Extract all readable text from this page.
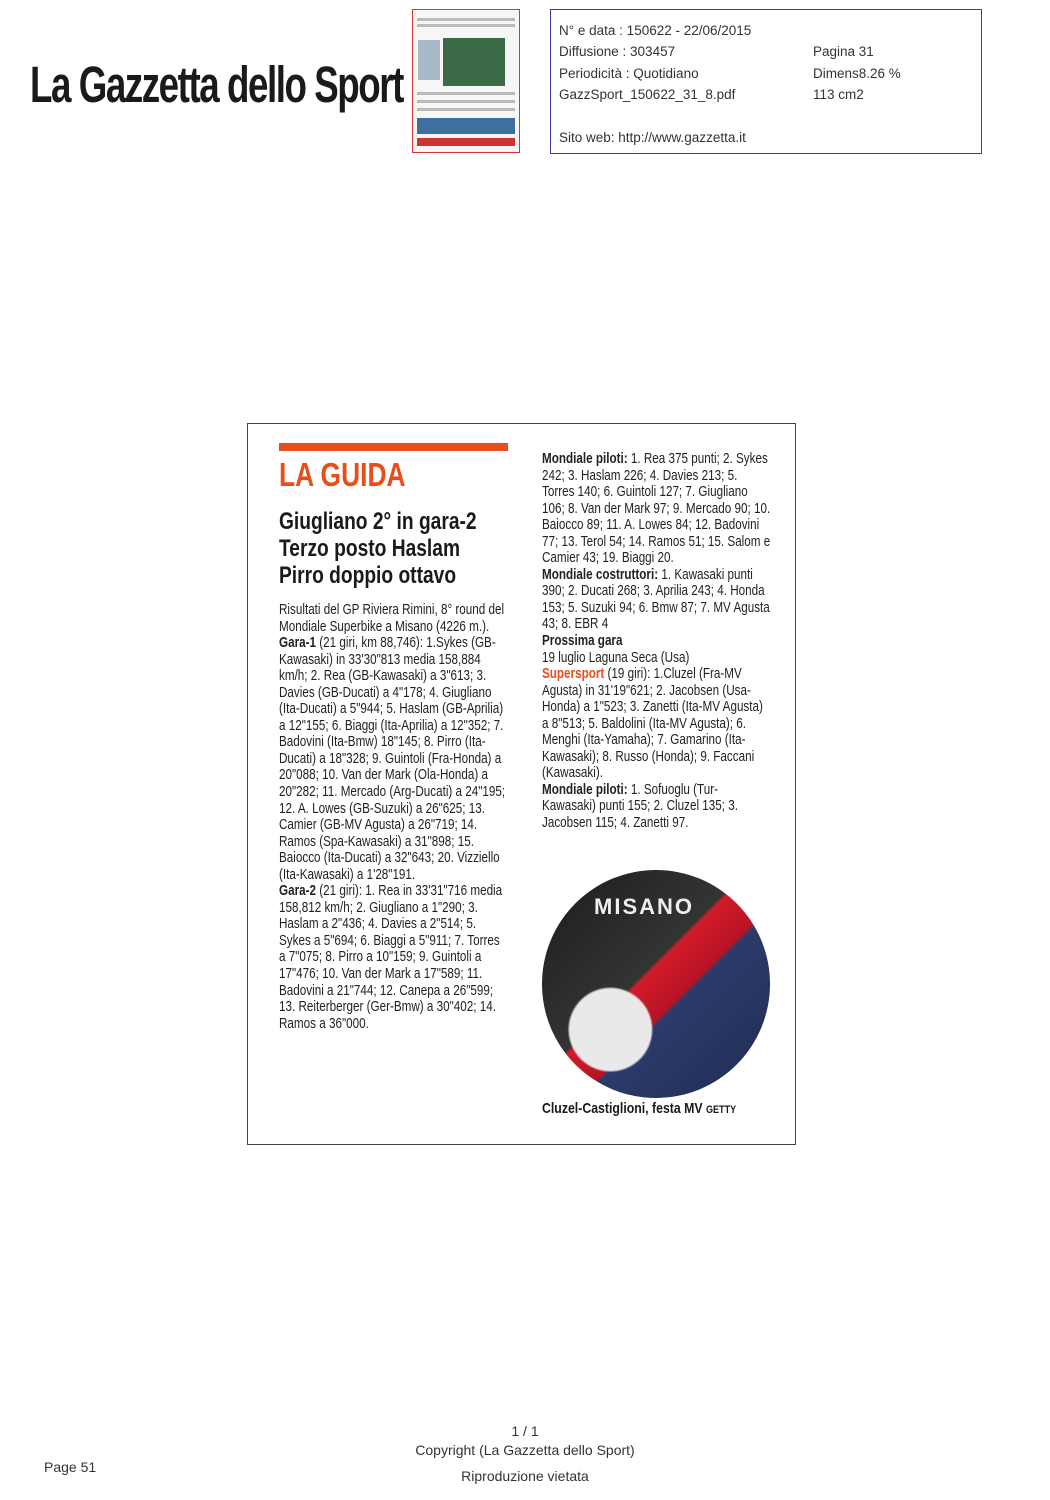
La Gazzetta dello Sport
N° e data : 150622 - 22/06/2015
Diffusione : 303457
Periodicità : Quotidiano
GazzSport_150622_31_8.pdf
Pagina 31
Dimens8.26 %
113 cm2
Sito web: http://www.gazzetta.it
LA GUIDA
Giugliano 2° in gara-2
Terzo posto Haslam
Pirro doppio ottavo

Risultati del GP Riviera Rimini, 8° round del Mondiale Superbike a Misano (4226 m.).

Gara-1 (21 giri, km 88,746): 1.Sykes (GB-Kawasaki) in 33'30"813 media 158,884 km/h; 2. Rea (GB-Kawasaki) a 3"613; 3. Davies (GB-Ducati) a 4"178; 4. Giugliano (Ita-Ducati) a 5"944; 5. Haslam (GB-Aprilia) a 12"155; 6. Biaggi (Ita-Aprilia) a 12"352; 7. Badovini (Ita-Bmw) 18"145; 8. Pirro (Ita-Ducati) a 18"328; 9. Guintoli (Fra-Honda) a 20"088; 10. Van der Mark (Ola-Honda) a 20"282; 11. Mercado (Arg-Ducati) a 24"195; 12. A. Lowes (GB-Suzuki) a 26"625; 13. Camier (GB-MV Agusta) a 26"719; 14. Ramos (Spa-Kawasaki) a 31"898; 15. Baiocco (Ita-Ducati) a 32"643; 20. Vizziello (Ita-Kawasaki) a 1'28"191.

Gara-2 (21 giri): 1. Rea in 33'31"716 media 158,812 km/h; 2. Giugliano a 1"290; 3. Haslam a 2"436; 4. Davies a 2"514; 5. Sykes a 5"694; 6. Biaggi a 5"911; 7. Torres a 7"075; 8. Pirro a 10"159; 9. Guintoli a 17"476; 10. Van der Mark a 17"589; 11. Badovini a 21"744; 12. Canepa a 26"599; 13. Reiterberger (Ger-Bmw) a 30"402; 14. Ramos a 36"000.

Mondiale piloti: 1. Rea 375 punti; 2. Sykes 242; 3. Haslam 226; 4. Davies 213; 5. Torres 140; 6. Guintoli 127; 7. Giugliano 106; 8. Van der Mark 97; 9. Mercado 90; 10. Baiocco 89; 11. A. Lowes 84; 12. Badovini 77; 13. Terol 54; 14. Ramos 51; 15. Salom e Camier 43; 19. Biaggi 20.

Mondiale costruttori: 1. Kawasaki punti 390; 2. Ducati 268; 3. Aprilia 243; 4. Honda 153; 5. Suzuki 94; 6. Bmw 87; 7. MV Agusta 43; 8. EBR 4

Prossima gara

19 luglio Laguna Seca (Usa)

Supersport (19 giri): 1.Cluzel (Fra-MV Agusta) in 31'19"621; 2. Jacobsen (Usa-Honda) a 1"523; 3. Zanetti (Ita-MV Agusta) a 8"513; 5. Baldolini (Ita-MV Agusta); 6. Menghi (Ita-Yamaha); 7. Gamarino (Ita-Kawasaki); 8. Russo (Honda); 9. Faccani (Kawasaki).

Mondiale piloti: 1. Sofuoglu (Tur-Kawasaki) punti 155; 2. Cluzel 135; 3. Jacobsen 115; 4. Zanetti 97.

MISANO
Cluzel-Castiglioni, festa MV GETTY
Page 51
1 / 1
Copyright (La Gazzetta dello Sport)
Riproduzione vietata
